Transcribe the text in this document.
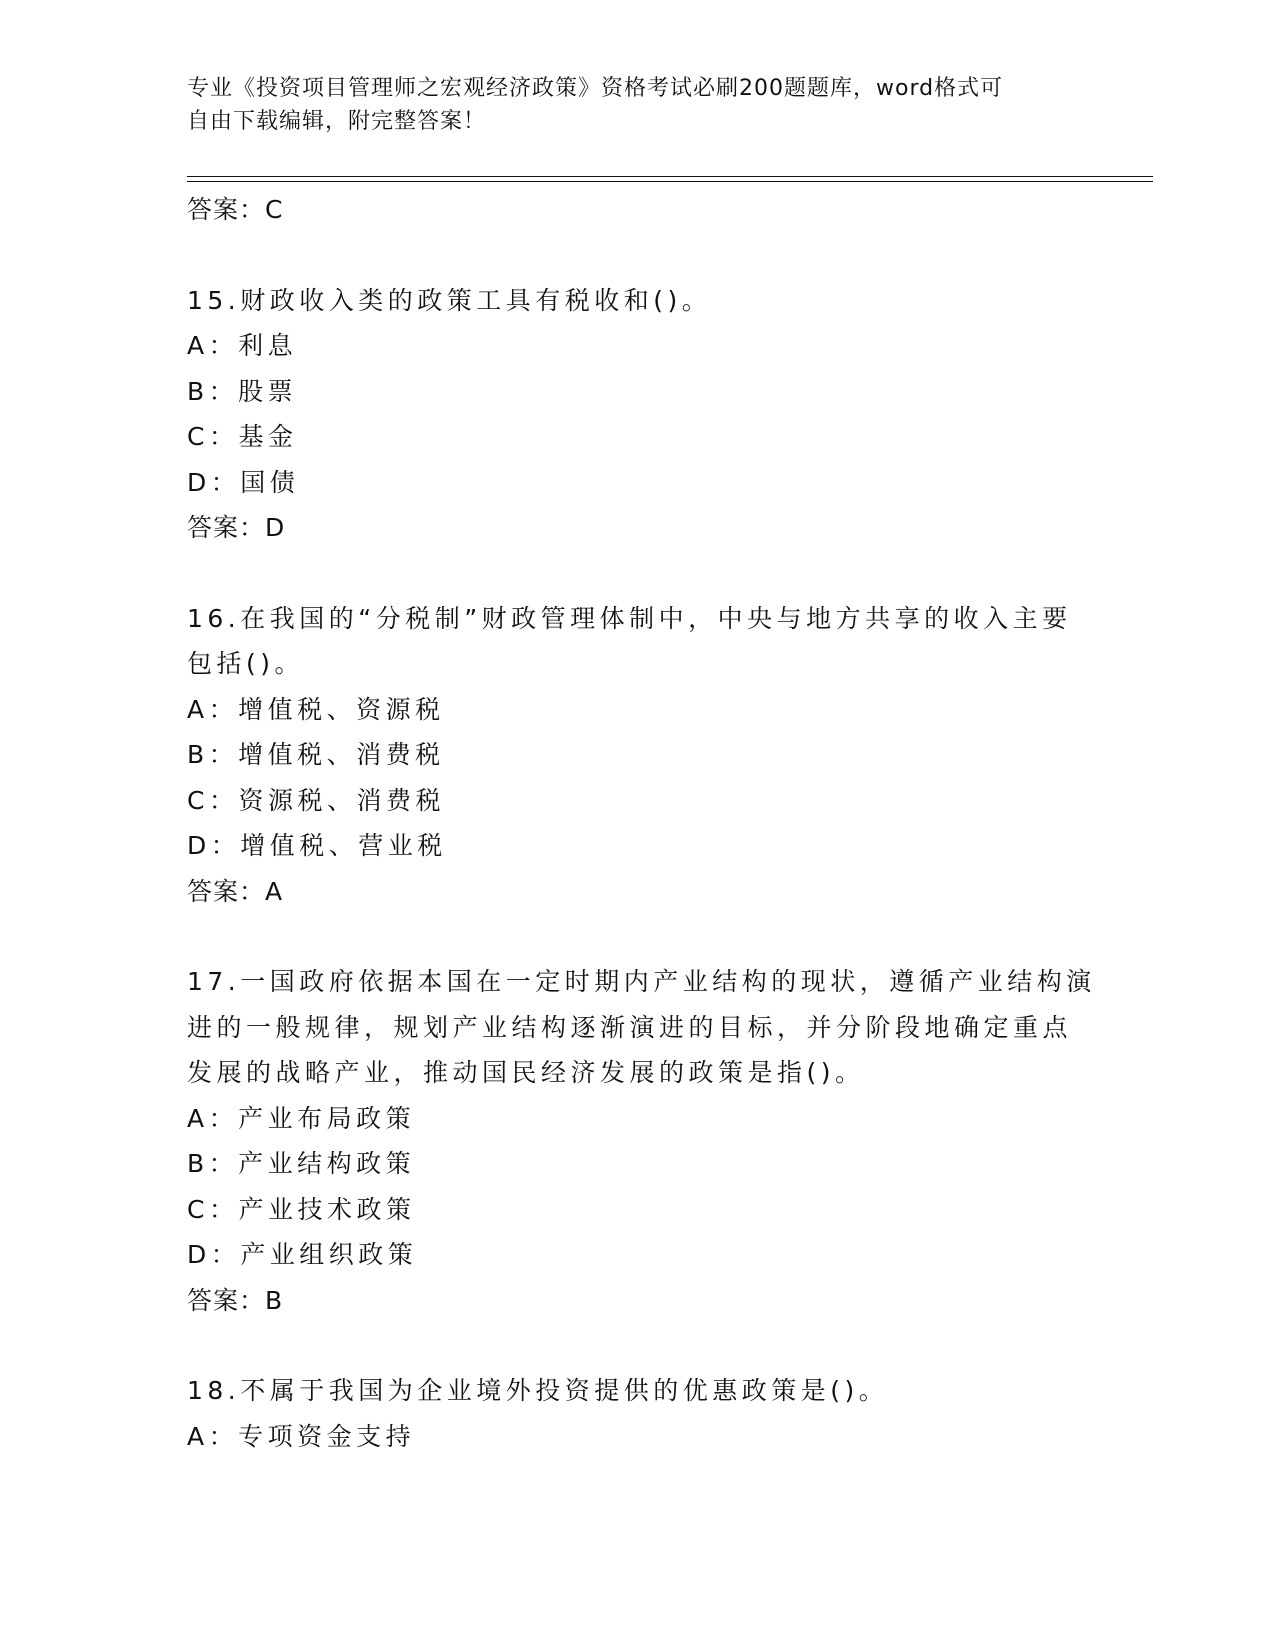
专业《投资项目管理师之宏观经济政策》资格考试必刷200题题库，word格式可
自由下载编辑，附完整答案！
答案：C
15.财政收入类的政策工具有税收和()。
A：利息
B：股票
C：基金
D：国债
答案：D
16.在我国的“分税制”财政管理体制中，中央与地方共享的收入主要
包括()。
A：增值税、资源税
B：增值税、消费税
C：资源税、消费税
D：增值税、营业税
答案：A
17.一国政府依据本国在一定时期内产业结构的现状，遵循产业结构演
进的一般规律，规划产业结构逐渐演进的目标，并分阶段地确定重点
发展的战略产业，推动国民经济发展的政策是指()。
A：产业布局政策
B：产业结构政策
C：产业技术政策
D：产业组织政策
答案：B
18.不属于我国为企业境外投资提供的优惠政策是()。
A：专项资金支持
